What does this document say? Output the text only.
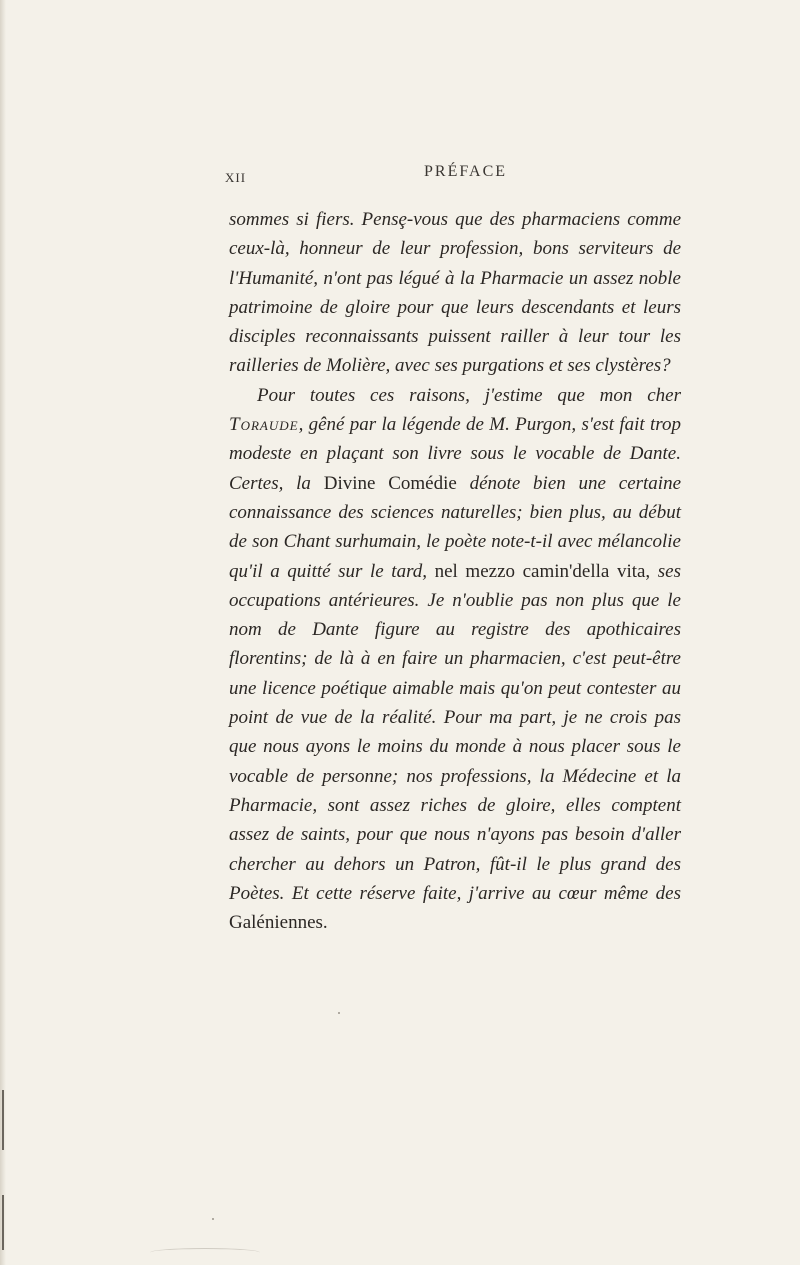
XII	PRÉFACE

sommes si fiers. Pensȩ-vous que des pharmaciens comme ceux-là, honneur de leur profession, bons serviteurs de l'Humanité, n'ont pas légué à la Pharmacie un assez noble patrimoine de gloire pour que leurs descendants et leurs disciples reconnaissants puissent railler à leur tour les railleries de Molière, avec ses purgations et ses clystères?

Pour toutes ces raisons, j'estime que mon cher Toraude, gêné par la légende de M. Purgon, s'est fait trop modeste en plaçant son livre sous le vocable de Dante. Certes, la Divine Comédie dénote bien une certaine connaissance des sciences naturelles; bien plus, au début de son Chant surhumain, le poète note-t-il avec mélancolie qu'il a quitté sur le tard, nel mezzo camin'della vita, ses occupations antérieures. Je n'oublie pas non plus que le nom de Dante figure au registre des apothicaires florentins; de là à en faire un pharmacien, c'est peut-être une licence poétique aimable mais qu'on peut contester au point de vue de la réalité. Pour ma part, je ne crois pas que nous ayons le moins du monde à nous placer sous le vocable de personne; nos professions, la Médecine et la Pharmacie, sont assez riches de gloire, elles comptent assez de saints, pour que nous n'ayons pas besoin d'aller chercher au dehors un Patron, fût-il le plus grand des Poètes. Et cette réserve faite, j'arrive au cœur même des Galéniennes.
